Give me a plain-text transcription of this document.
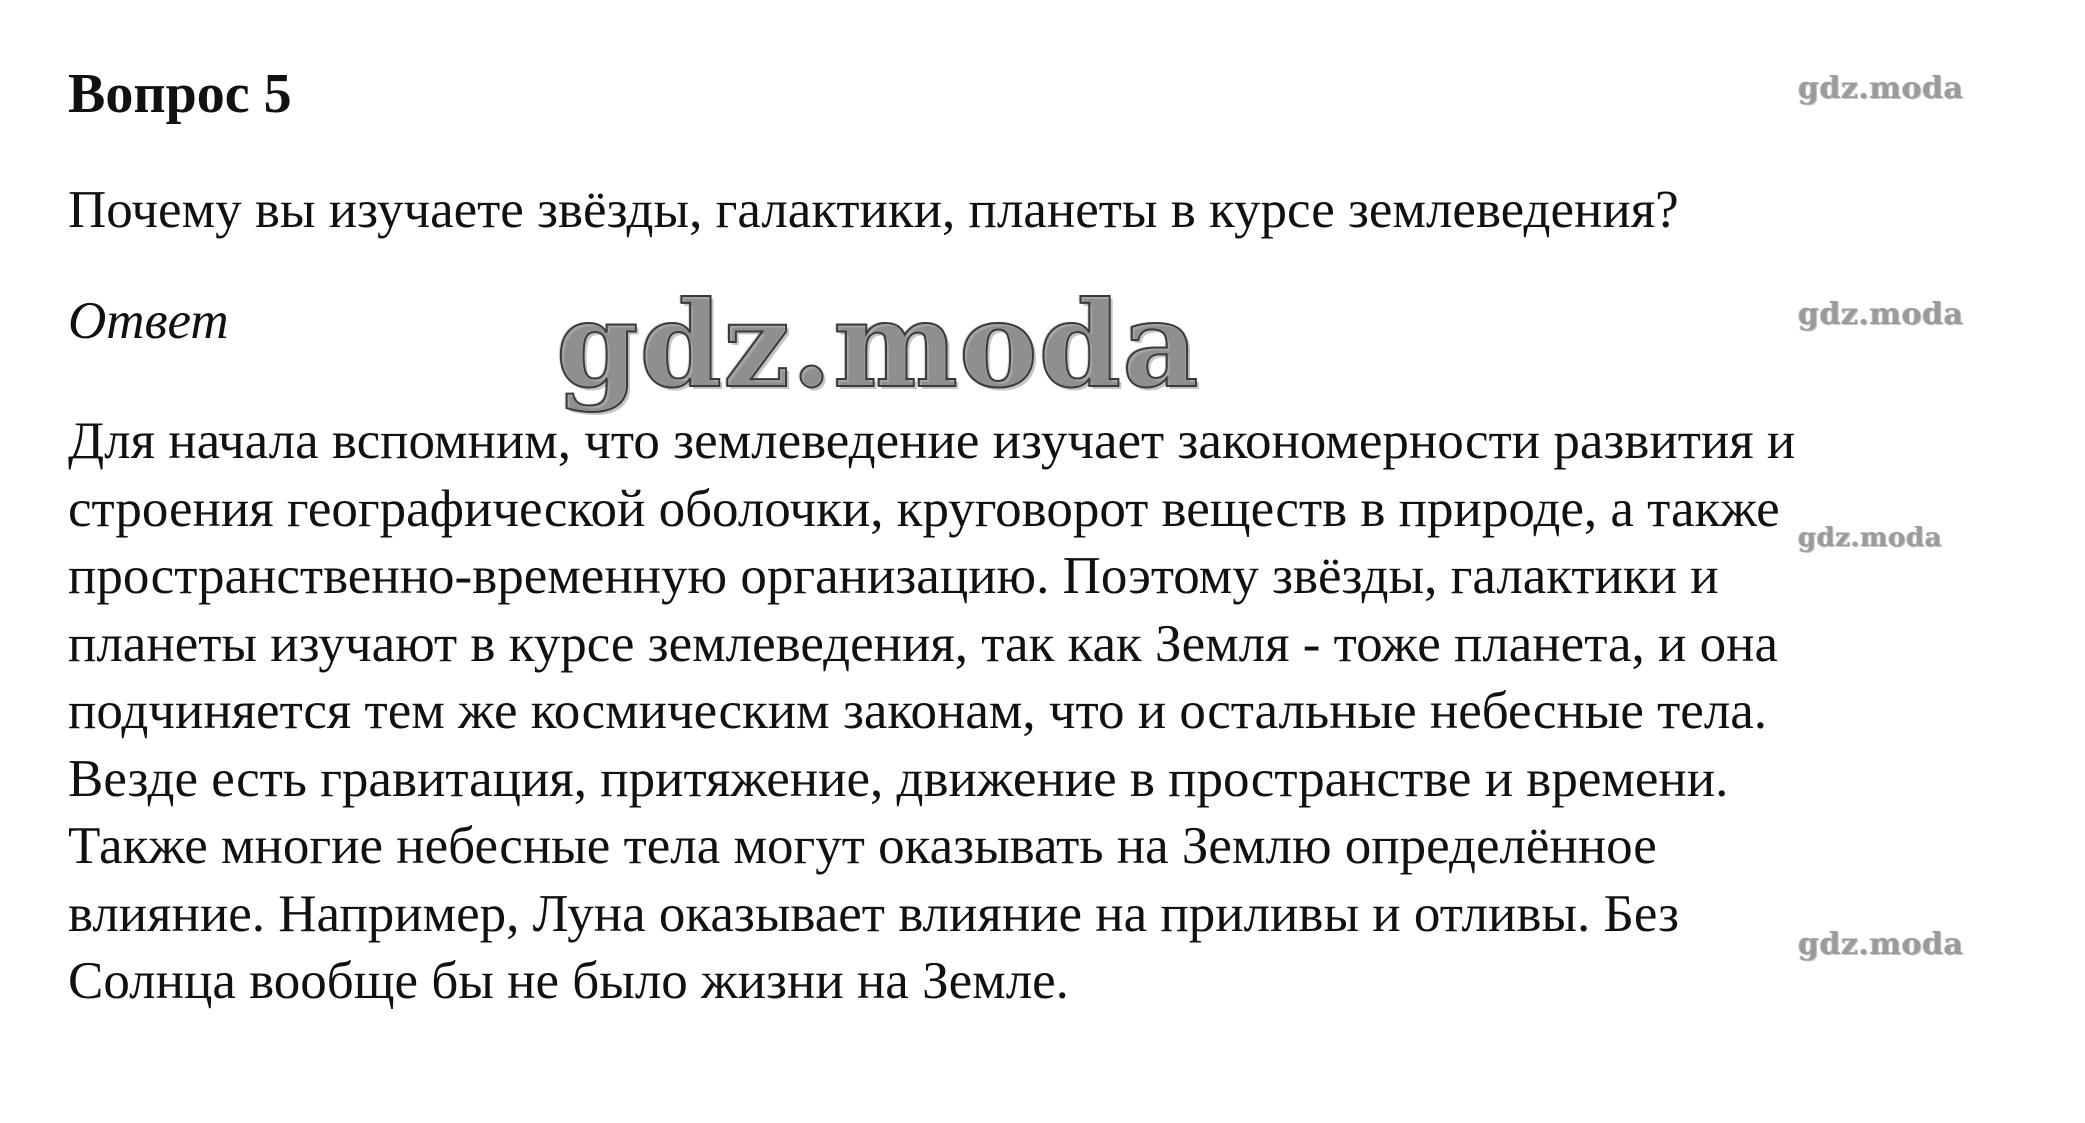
Вопрос 5

Почему вы изучаете звёзды, галактики, планеты в курсе землеведения?

Ответ

Для начала вспомним, что землеведение изучает закономерности развития и
строения географической оболочки, круговорот веществ в природе, а также
пространственно-временную организацию. Поэтому звёзды, галактики и
планеты изучают в курсе землеведения, так как Земля - тоже планета, и она
подчиняется тем же космическим законам, что и остальные небесные тела.
Везде есть гравитация, притяжение, движение в пространстве и времени.
Также многие небесные тела могут оказывать на Землю определённое
влияние. Например, Луна оказывает влияние на приливы и отливы. Без
Солнца вообще бы не было жизни на Земле.
gdz.moda
gdz.moda
gdz.moda
gdz.moda
gdz.moda
